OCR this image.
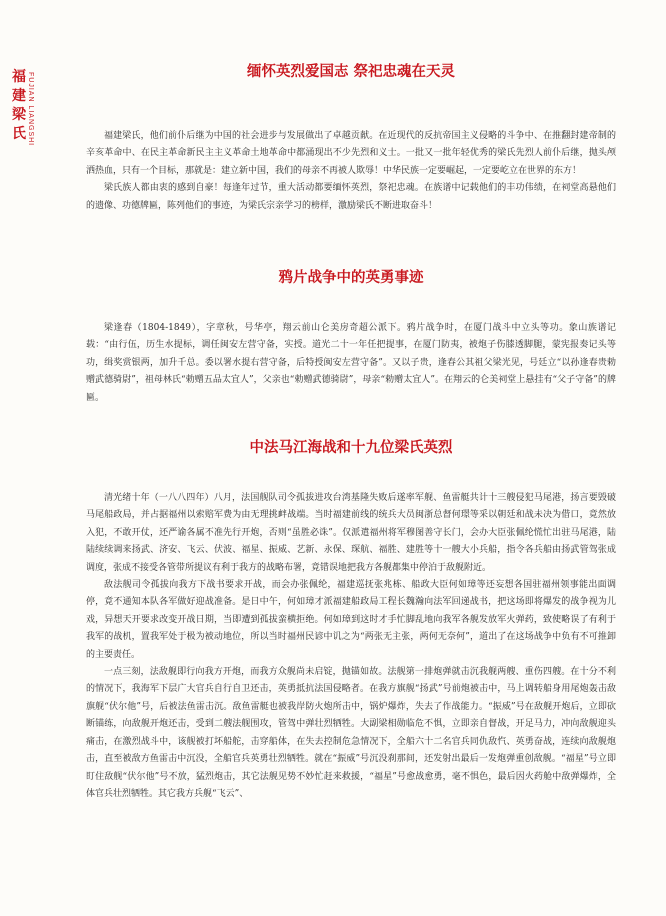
福建梁氏 FUJIAN LIANGSHI
缅怀英烈爱国志 祭祀忠魂在天灵

福建梁氏，他们前仆后继为中国的社会进步与发展做出了卓越贡献。在近现代的反抗帝国主义侵略的斗争中、在推翻封建帝制的辛亥革命中、在民主革命新民主主义革命土地革命中都涌现出不少先烈和义士。一批又一批年轻优秀的梁氏先烈人前仆后继，抛头颅洒热血，只有一个目标，那就是：建立新中国，我们的母亲不再被人欺辱！中华民族一定要崛起，一定要屹立在世界的东方！

梁氏族人都由衷的感到自豪！每逢年过节，重大活动都要缅怀英烈，祭祀忠魂。在族谱中记载他们的丰功伟绩，在祠堂高悬他们的遗像、功德牌匾，陈列他们的事迹，为梁氏宗亲学习的榜样，激励梁氏不断进取奋斗！

鸦片战争中的英勇事迹

梁逢春（1804-1849），字章秋，号华亭，翔云前山仑美房奇超公派下。鸦片战争时，在厦门战斗中立头等功。象山族谱记载：“由行伍，历生水提标，调任闽安左营守备，实授。道光二十一年任把提事，在厦门防夷，被炮子伤膝透脚腿，蒙宪报奏记头等功，缉奖赏银两，加升千总。委以署水提右营守备，后特授闽安左营守备”。又以子贵，逢春公其祖父梁光见，号廷立“以孙逢春贵勅赠武德骑尉”，祖母林氏“勅赠五品太宜人”，父亲也“勅赠武德骑尉”，母亲“勅赠太宜人”。在翔云的仑美祠堂上悬挂有“父子守备”的牌匾。

中法马江海战和十九位梁氏英烈

清光绪十年（一八八四年）八月，法国舰队司令孤拔进攻台湾基隆失败后遂率军舰、鱼雷艇共计十三艘侵犯马尾港，扬言要毁破马尾船政局，并占据福州以索赔军费为由无理挑衅战端。当时福建前线的统兵大员闽浙总督何璟等采以朝廷和战未决为借口，竟然放入犯，不敢开仗，还严谕各属不准先行开炮，否则“虽胜必诛”。仅派遣福州将军穆图善守长门，会办大臣张佩纶慌忙出驻马尾港，陆陆续续调来扬武、济安、飞云、伏波、福星、振威、艺新、永保、琛航、福胜、建胜等十一艘大小兵船，指令各兵船由扬武管驾张成调度，张成不接受各管带所提议有利于我方的战略布署，竟错误地把我方各舰都集中停泊于敌舰附近。

敌法舰司令孤拔向我方下战书要求开战，而会办张佩纶，福建巡抚张兆栋、船政大臣何如璋等还妄想各国驻福州领事能出面调停，竟不通知本队各军做好迎战准备。是日中午，何如璋才派福建船政局工程长魏瀚向法军回递战书，把这场即将爆发的战争视为儿戏，异想天开要求改变开战日期，当即遭到孤拔蛮横拒绝。何如璋到这时才手忙脚乱地向我军各舰发放军火弹药，致使略误了有利于我军的战机，置我军处于极为被动地位，所以当时福州民谚中讥之为“两张无主张，两何无奈何”，道出了在这场战争中负有不可推卸的主要责任。

一点三刻，法敌舰即行向我方开炮，而我方众舰尚未启锭，抛锚如故。法舰第一排炮弹就击沉我舰两艘、重伤四艘。在十分不利的情况下，我海军下层广大官兵自行自卫还击，英勇抵抗法国侵略者。在我方旗舰“扬武”号前炮被击中，马上调转船身用尾炮轰击敌旗舰“伏尔他”号，后被法鱼雷击沉。敌鱼雷艇也被我岸防火炮所击中，锅炉爆炸，失去了作战能力。“振威”号在敌舰开炮后，立即砍断锚练，向敌舰开炮还击，受到二艘法舰围攻，管驾中弹壮烈牺牲。大副梁相勋临危不惧，立即亲自督战，开足马力，冲向敌舰迎头痛击，在激烈战斗中，该舰被打坏船舵，击穿船体，在失去控制危急情况下，全船六十二名官兵同仇敌忾、英勇奋战，连续向敌舰炮击，直至被敌方鱼雷击中沉没，全船官兵英勇壮烈牺牲。就在“振威”号沉没刹那间，还发射出最后一发炮弹重创敌舰。“福星”号立即盯住敌舰“伏尔他”号不放，猛烈炮击，其它法舰见势不妙忙赶来救援，“福星”号愈战愈勇，毫不惧色，最后因火药舱中敌弹爆炸，全体官兵壮烈牺牲。其它我方兵舰“飞云”、
